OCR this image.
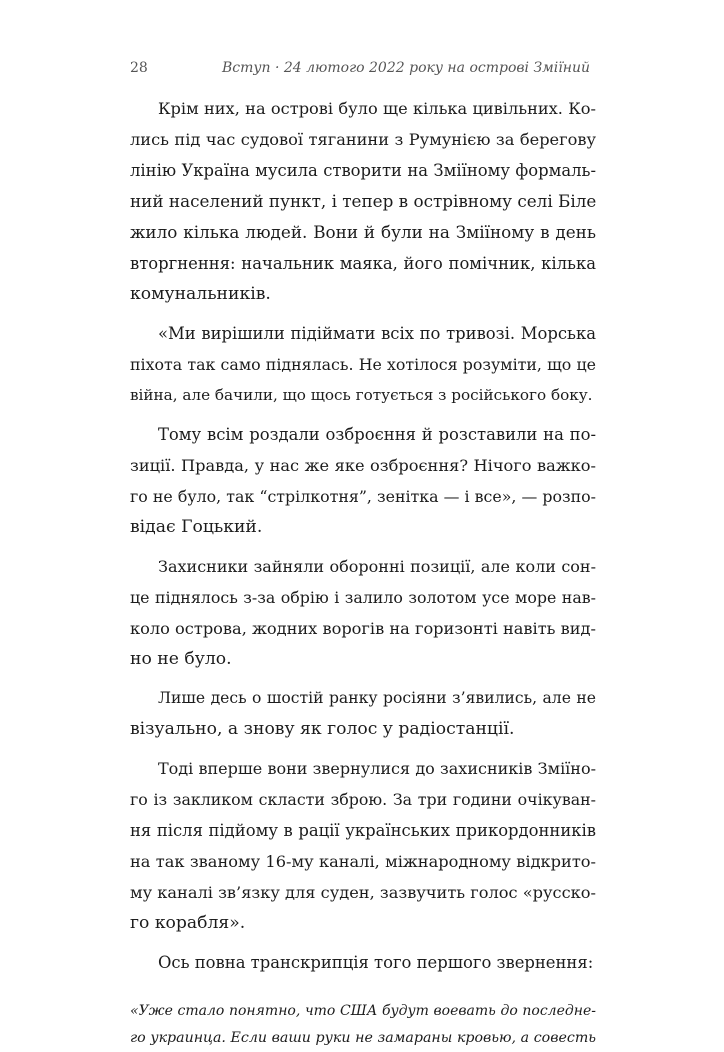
28	Вступ · 24 лютого 2022 року на острові Зміїний
Крім них, на острові було ще кілька цивільних. Ко-
лись під час судової тяганини з Румунією за берегову
лінію Україна мусила створити на Зміїному формаль-
ний населений пункт, і тепер в острівному селі Біле
жило кілька людей. Вони й були на Зміїному в день
вторгнення: начальник маяка, його помічник, кілька
комунальників.
«Ми вирішили підіймати всіх по тривозі. Морська
піхота так само піднялась. Не хотілося розуміти, що це
війна, але бачили, що щось готується з російського боку.
Тому всім роздали озброєння й розставили на по-
зиції. Правда, у нас же яке озброєння? Нічого важко-
го не було, так “стрілкотня”, зенітка — і все», — розпо-
відає Гоцький.
Захисники зайняли оборонні позиції, але коли сон-
це піднялось з-за обрію і залило золотом усе море нав-
коло острова, жодних ворогів на горизонті навіть вид-
но не було.
Лише десь о шостій ранку росіяни з’явились, але не
візуально, а знову як голос у радіостанції.
Тоді вперше вони звернулися до захисників Зміїно-
го із закликом скласти зброю. За три години очікуван-
ня після підйому в рації українських прикордонників
на так званому 16-му каналі, міжнародному відкрито-
му каналі зв’язку для суден, зазвучить голос «русско-
го корабля».
Ось повна транскрипція того першого звернення:
«Уже стало понятно, что США будут воевать до последне-
го украинца. Если ваши руки не замараны кровью, а совесть
